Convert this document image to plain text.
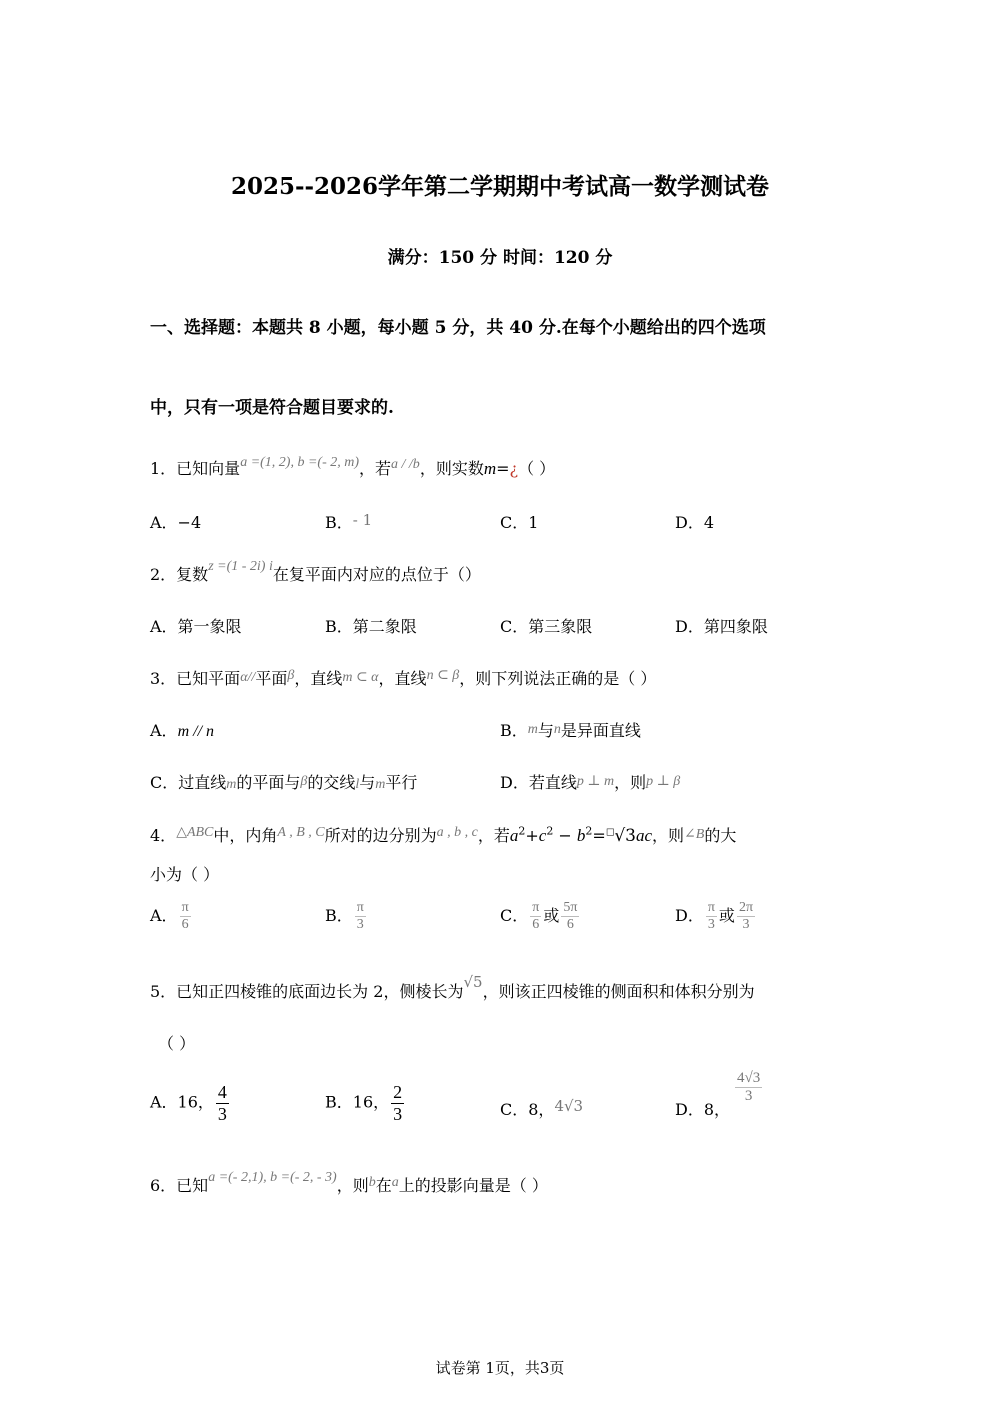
2025--2026学年第二学期期中考试高一数学测试卷
满分：150 分 时间：120 分
一、选择题：本题共 8 小题，每小题 5 分，共 40 分.在每个小题给出的四个选项
中，只有一项是符合题目要求的.
1．已知向量a =(1, 2), b =(- 2, m)，若a / /b，则实数m=¿（ ）
A．−4	B．- 1	C．1	D．4
2．复数z =(1 - 2i) i在复平面内对应的点位于（）
A．第一象限	B．第二象限	C．第三象限	D．第四象限
3．已知平面α//平面β，直线m ⊂ α，直线n ⊂ β，则下列说法正确的是（ ）
A．m // n	B．m与n是异面直线
C．过直线m的平面与β的交线l与m平行	D．若直线p ⊥ m，则p ⊥ β
4．△ABC中，内角A , B , C所对的边分别为a , b , c，若$a^2+c^2 - b^2=^□√3ac$，则∠B的大
小为（ ）
A． $\frac{\pi}{6}$	B． $\frac{\pi}{3}$	C． $\frac{\pi}{6}$ 或 $\frac{5\pi}{6}$	D． $\frac{\pi}{3}$ 或 $\frac{2\pi}{3}$
5．已知正四棱锥的底面边长为 2，侧棱长为√5，则该正四棱锥的侧面积和体积分别为
（ ）
A．16， $\frac{4}{3}$	B．16， $\frac{2}{3}$	C．8，4√3	D．8，
$\frac{4√3}{3}$
6．已知a =(- 2,1), b =(- 2, - 3)，则b在a上的投影向量是（ ）
试卷第 1页，共3页
